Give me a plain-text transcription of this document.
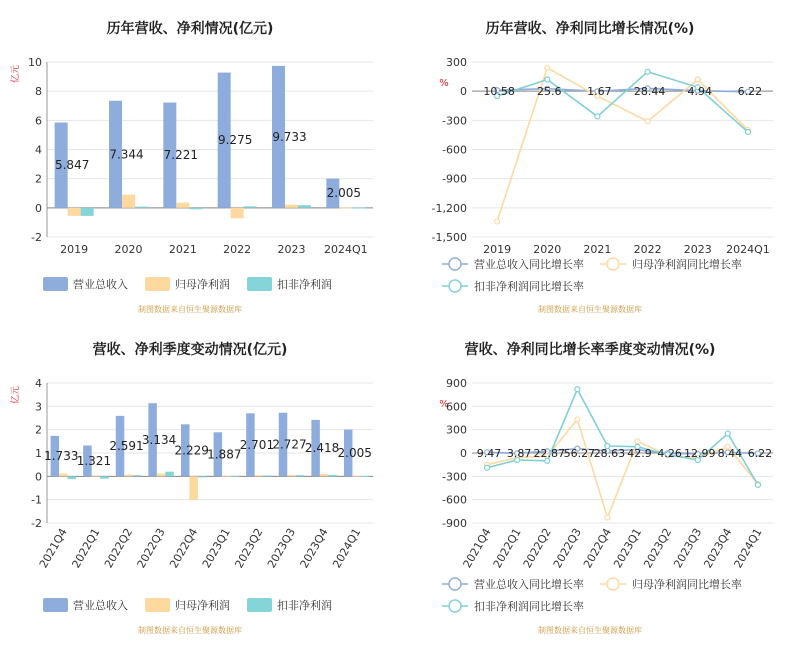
历年营收、净利情况(亿元)
亿元
-2
0
2
4
6
8
10
2019 2020 2021 2022 2023 2024Q1
5.847
7.344 7.221
9.275 9.733
2.005
营业总收入	归母净利润	扣非净利润
制图数据来自恒生聚源数据库
历年营收、净利同比增长情况(%)
%
-1,500
-1,200
-900
-600
-300
0
300
2019 2020 2021 2022 2023 2024Q1
10.58 25.6 1.67 28.44 4.94 6.22
营业总收入同比增长率	归母净利润同比增长率
扣非净利润同比增长率
制图数据来自恒生聚源数据库
营收、净利季度变动情况(亿元)
亿元
-2
-1
0
1
2
3
4
2021Q4 2022Q1 2022Q2 2022Q3 2022Q4 2023Q1 2023Q2 2023Q3 2023Q4 2024Q1
1.733
1.321
2.591
3.134
2.229
1.887
2.701
2.727
2.418
2.005
营业总收入	归母净利润	扣非净利润
制图数据来自恒生聚源数据库
营收、净利同比增长率季度变动情况(%)
%
-900
-600
-300
0
300
600
900
2021Q4
2022Q1
2022Q2
2022Q3
2022Q4
2023Q1
2023Q2
2023Q3
2023Q4
2024Q1
9.47 3.87 22.87
56.27
28.63 42.9 4.26 12.99 8.44 6.22
营业总收入同比增长率	归母净利润同比增长率
扣非净利润同比增长率
制图数据来自恒生聚源数据库
